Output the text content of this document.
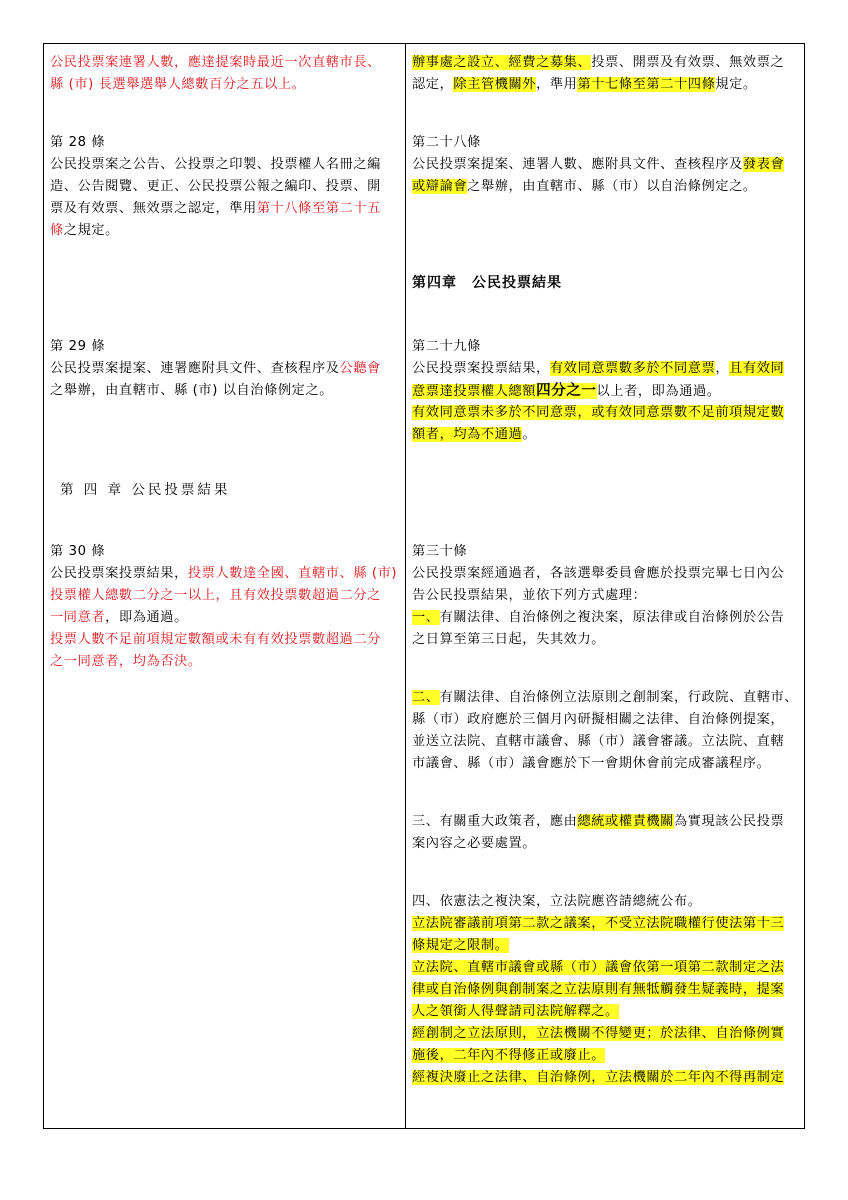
公民投票案連署人數，應達提案時最近一次直轄市長、
縣 (市) 長選舉選舉人總數百分之五以上。
第 28 條
公民投票案之公告、公投票之印製、投票權人名冊之編
造、公告閱覽、更正、公民投票公報之編印、投票、開
票及有效票、無效票之認定，準用第十八條至第二十五
條之規定。
第 29 條
公民投票案提案、連署應附具文件、查核程序及公聽會
之舉辦，由直轄市、縣 (市) 以自治條例定之。
第 四 章 公民投票結果
第 30 條
公民投票案投票結果，投票人數達全國、直轄市、縣 (市)
投票權人總數二分之一以上，且有效投票數超過二分之
一同意者，即為通過。
投票人數不足前項規定數額或未有有效投票數超過二分
之一同意者，均為否決。
辦事處之設立、經費之募集、投票、開票及有效票、無效票之
認定，除主管機關外，準用第十七條至第二十四條規定。
第二十八條
公民投票案提案、連署人數、應附具文件、查核程序及發表會
或辯論會之舉辦，由直轄市、縣（市）以自治條例定之。
第四章　公民投票結果
第二十九條
公民投票案投票結果，有效同意票數多於不同意票，且有效同
意票達投票權人總額四分之一以上者，即為通過。
有效同意票未多於不同意票，或有效同意票數不足前項規定數
額者，均為不通過。
第三十條
公民投票案經通過者，各該選舉委員會應於投票完畢七日內公
告公民投票結果，並依下列方式處理：
一、有關法律、自治條例之複決案，原法律或自治條例於公告
之日算至第三日起，失其效力。
二、有關法律、自治條例立法原則之創制案，行政院、直轄市、
縣（市）政府應於三個月內研擬相關之法律、自治條例提案，
並送立法院、直轄市議會、縣（市）議會審議。立法院、直轄
市議會、縣（市）議會應於下一會期休會前完成審議程序。
三、有關重大政策者，應由總統或權責機關為實現該公民投票
案內容之必要處置。
四、依憲法之複決案，立法院應咨請總統公布。
立法院審議前項第二款之議案，不受立法院職權行使法第十三
條規定之限制。
立法院、直轄市議會或縣（市）議會依第一項第二款制定之法
律或自治條例與創制案之立法原則有無牴觸發生疑義時，提案
人之領銜人得聲請司法院解釋之。
經創制之立法原則，立法機關不得變更；於法律、自治條例實
施後，二年內不得修正或廢止。
經複決廢止之法律、自治條例，立法機關於二年內不得再制定
